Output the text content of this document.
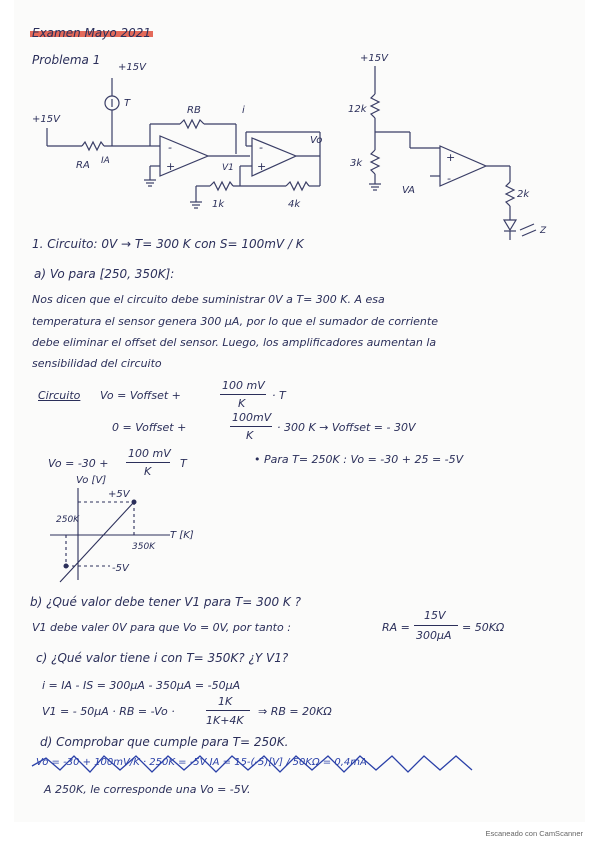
Examen Mayo 2021
Problema 1
+15V
+15V
T
RB	i
Vo
RA IA
V1
1k	4k
-
+
-
+
+15V
12k
3k
VA	2k
Z
+
-
1. Circuito: 0V → T= 300 K con S= 100mV / K
a) Vo para [250, 350K]:
Nos dicen que el circuito debe suministrar 0V a T= 300 K. A esa
temperatura el sensor genera 300 μA, por lo que el sumador de corriente
debe eliminar el offset del sensor. Luego, los amplificadores aumentan la
sensibilidad del circuito
Circuito Vo = Voffset +
100 mV
K
· T
0 = Voffset +
100mV
K
· 300 K → Voffset = - 30V
Vo = -30 +
100 mV
K
T	• Para T= 250K : Vo = -30 + 25 = -5V
Vo [V]
T [K]
+5V
-5V
250K
350K
b) ¿Qué valor debe tener V1 para T= 300 K ?
V1 debe valer 0V para que Vo = 0V, por tanto :	RA =
15V
300μA
= 50KΩ
c) ¿Qué valor tiene i con T= 350K? ¿Y V1?
i = IA - IS = 300μA - 350μA = -50μA
V1 = - 50μA · RB = -Vo ·
1K
1K+4K
⇒ RB = 20KΩ
d) Comprobar que cumple para T= 250K.
Vo = -30 + 100mV/K · 250K = -5V IA = 15-(-5)[V] / 50KΩ = 0,4mA
A 250K, le corresponde una Vo = -5V.
Escaneado con CamScanner
